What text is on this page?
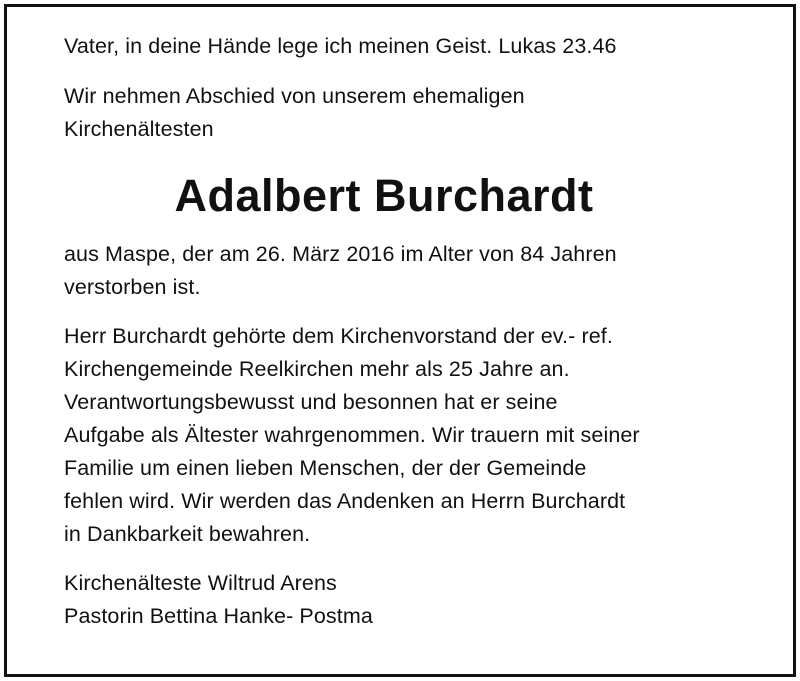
Vater, in deine Hände lege ich meinen Geist. Lukas 23.46

Wir nehmen Abschied von unserem ehemaligen
Kirchenältesten

Adalbert Burchardt

aus Maspe, der am 26. März 2016 im Alter von 84 Jahren
verstorben ist.

Herr Burchardt gehörte dem Kirchenvorstand der ev.- ref.
Kirchengemeinde Reelkirchen mehr als 25 Jahre an.
Verantwortungsbewusst und besonnen hat er seine
Aufgabe als Ältester wahrgenommen. Wir trauern mit seiner
Familie um einen lieben Menschen, der der Gemeinde
fehlen wird. Wir werden das Andenken an Herrn Burchardt
in Dankbarkeit bewahren.

Kirchenälteste Wiltrud Arens
Pastorin Bettina Hanke- Postma
